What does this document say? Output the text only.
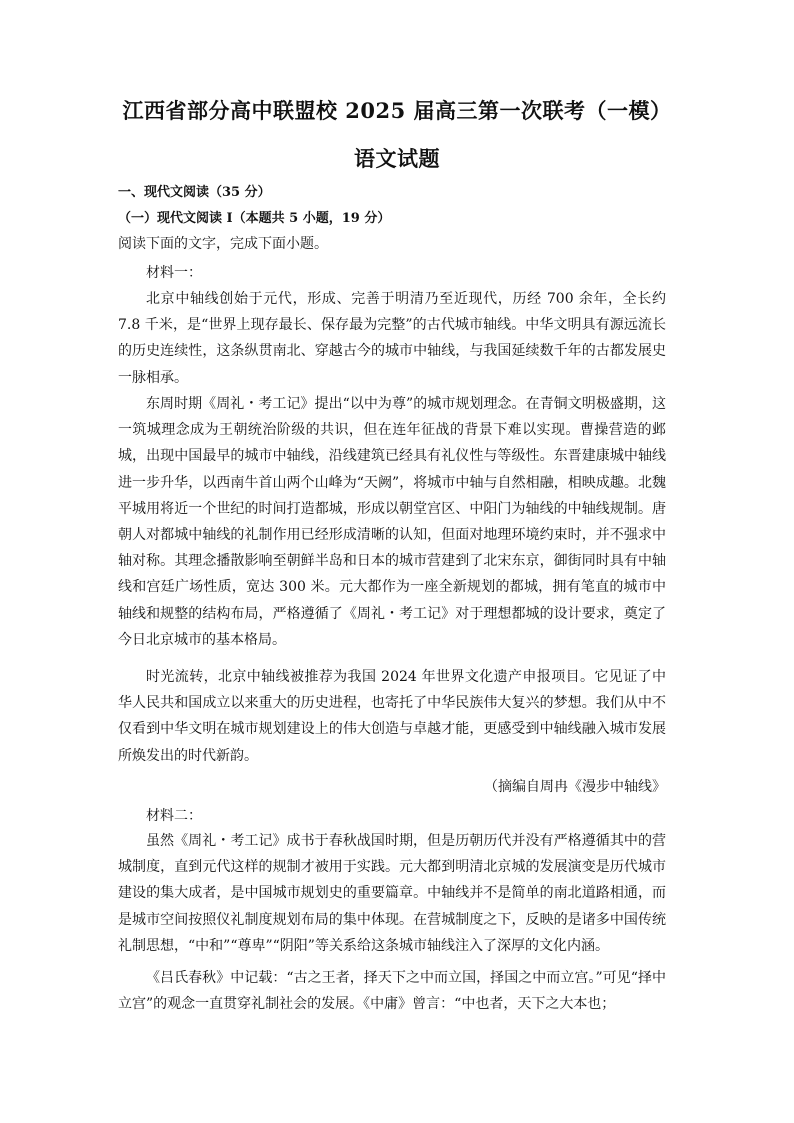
江西省部分高中联盟校 2025 届高三第一次联考（一模）
语文试题
一、现代文阅读（35 分）
（一）现代文阅读 I（本题共 5 小题，19 分）
阅读下面的文字，完成下面小题。
材料一：

北京中轴线创始于元代，形成、完善于明清乃至近现代，历经 700 余年，全长约 7.8 千米，是“世界上现存最长、保存最为完整”的古代城市轴线。中华文明具有源远流长的历史连续性，这条纵贯南北、穿越古今的城市中轴线，与我国延续数千年的古都发展史一脉相承。

东周时期《周礼・考工记》提出“以中为尊”的城市规划理念。在青铜文明极盛期，这一筑城理念成为王朝统治阶级的共识，但在连年征战的背景下难以实现。曹操营造的邺城，出现中国最早的城市中轴线，沿线建筑已经具有礼仪性与等级性。东晋建康城中轴线进一步升华，以西南牛首山两个山峰为“天阙”，将城市中轴与自然相融，相映成趣。北魏平城用将近一个世纪的时间打造都城，形成以朝堂宫区、中阳门为轴线的中轴线规制。唐朝人对都城中轴线的礼制作用已经形成清晰的认知，但面对地理环境约束时，并不强求中轴对称。其理念播散影响至朝鲜半岛和日本的城市营建到了北宋东京，御街同时具有中轴线和宫廷广场性质，宽达 300 米。元大都作为一座全新规划的都城，拥有笔直的城市中轴线和规整的结构布局，严格遵循了《周礼・考工记》对于理想都城的设计要求，奠定了今日北京城市的基本格局。

时光流转，北京中轴线被推荐为我国 2024 年世界文化遗产申报项目。它见证了中华人民共和国成立以来重大的历史进程，也寄托了中华民族伟大复兴的梦想。我们从中不仅看到中华文明在城市规划建设上的伟大创造与卓越才能，更感受到中轴线融入城市发展所焕发出的时代新韵。

（摘编自周冉《漫步中轴线》
材料二：

虽然《周礼・考工记》成书于春秋战国时期，但是历朝历代并没有严格遵循其中的营城制度，直到元代这样的规制才被用于实践。元大都到明清北京城的发展演变是历代城市建设的集大成者，是中国城市规划史的重要篇章。中轴线并不是简单的南北道路相通，而是城市空间按照仪礼制度规划布局的集中体现。在营城制度之下，反映的是诸多中国传统礼制思想，“中和”“尊卑”“阴阳”等关系给这条城市轴线注入了深厚的文化内涵。

《吕氏春秋》中记载：“古之王者，择天下之中而立国，择国之中而立宫。”可见“择中立宫”的观念一直贯穿礼制社会的发展。《中庸》曾言：“中也者，天下之大本也；
